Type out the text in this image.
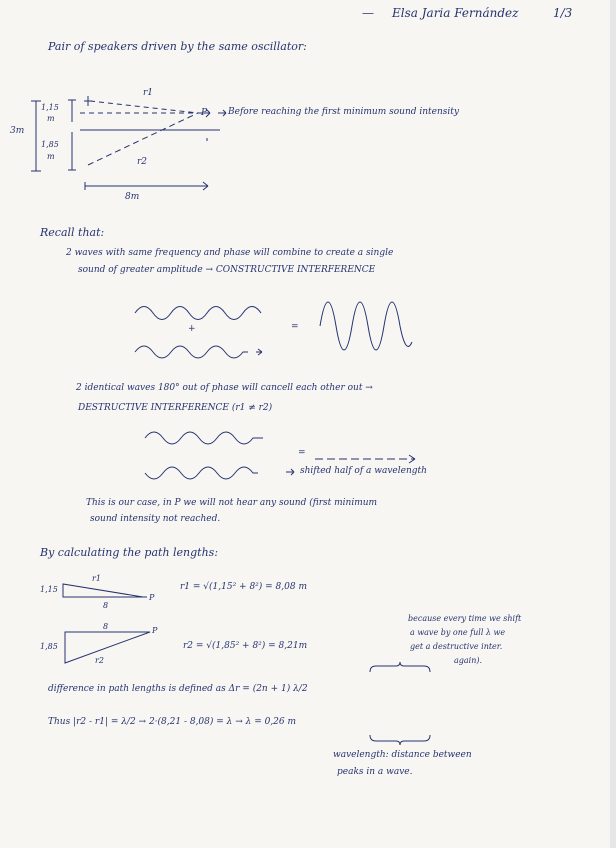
— Elsa Jaria Fernández	1/3
Pair of speakers driven by the same oscillator:
r1
r2
P Before reaching the first minimum sound intensity
3m
1,15
m
1,85
m
8m
Recall that:
2 waves with same frequency and phase will combine to create a single
sound of greater amplitude → CONSTRUCTIVE INTERFERENCE
+	=
2 identical waves 180° out of phase will cancell each other out →
DESTRUCTIVE INTERFERENCE (r1 ≠ r2)
=
shifted half of a wavelength
This is our case, in P we will not hear any sound (first minimum
sound intensity not reached.
By calculating the path lengths:
1,15
r1
8
P
r1 = √(1,15² + 8²) = 8,08 m
1,85
8
r2
P
r2 = √(1,85² + 8²) = 8,21m
because every time we shift
a wave by one full λ we
get a destructive inter.
again).
difference in path lengths is defined as Δr = (2n + 1) λ/2
Thus |r2 - r1| = λ/2 → 2·(8,21 - 8,08) = λ → λ = 0,26 m
wavelength: distance between
peaks in a wave.
